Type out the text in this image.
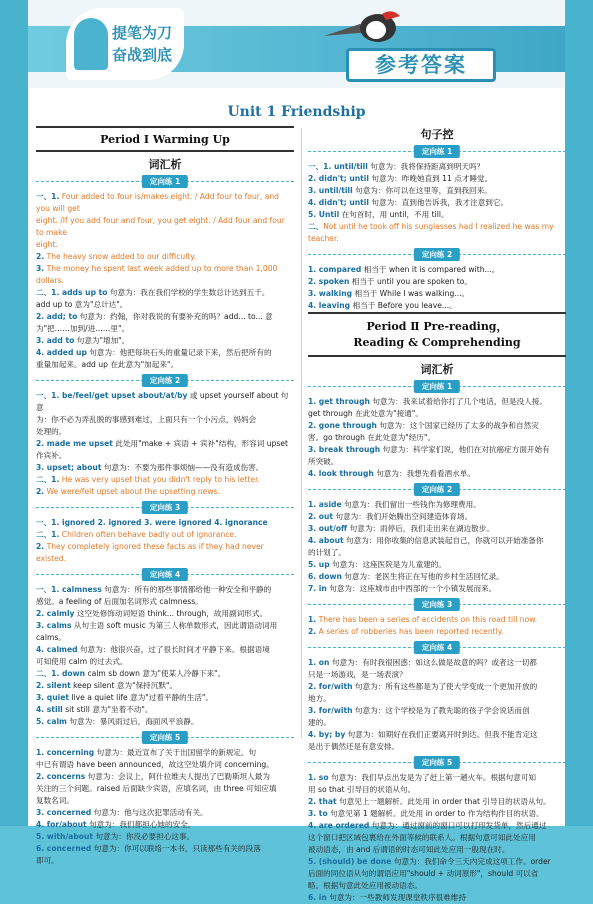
提笔为刀
奋战到底	参考答案
Unit 1 Friendship
Period Ⅰ Warming Up
词汇析
定向练 1
一、1. Four added to four is/makes eight. / Add four to four, and you will get
eight. /If you add four and four, you get eight. / Add four and four to make
eight.
2. The heavy snow added to our difficulty.
3. The money he spent last week added up to more than 1,000 dollars.
二、1. adds up to 句意为：我在我们学校的学生数总计达到五千。
add up to 意为"总计达"。
2. add; to 句意为：约翰，你对我说的有要补充的吗？add... to... 意
为"把……加到/进……里"。
3. add to 句意为"增加"。
4. added up 句意为：他把每块石头的重量记录下来，然后把所有的
重量加起来。add up 在此意为"加起来"。
定向练 2
一、1. be/feel/get upset about/at/by 或 upset yourself about 句意
为：你不必为弄乱脱的事感到难过，上面只有一个小污点，妈妈会
处理的。
2. made me upset 此处用"make + 宾语 + 宾补"结构，形容词 upset
作宾补。
3. upset; about 句意为：不要为那件事烦恼——没有造成伤害。
二、1. He was very upset that you didn't reply to his letter.
2. We were/felt upset about the upsetting news.
定向练 3
一、1. ignored 2. ignored 3. were ignored 4. ignorance
二、1. Children often behave badly out of ignorance.
2. They completely ignored these facts as if they had never existed.
定向练 4
一、1. calmness 句意为：所有的那些事情都给他一种安全和平静的
感觉。a feeling of 后面加名词形式 calmness。
2. calmly 这空处修饰动词短语 think... through，故用副词形式。
3. calms 从句主语 soft music 为第三人称单数形式，因此谓语动词用
calms。
4. calmed 句意为：他很兴奋，过了很长时间才平静下来。根据语境
可知使用 calm 的过去式。
二、1. down calm sb down 意为"使某人冷静下来"。
2. silent keep silent 意为"保持沉默"。
3. quiet live a quiet life 意为"过着平静的生活"。
4. still sit still 意为"坐着不动"。
5. calm 句意为：暴风雨过后，海面风平浪静。
定向练 5
1. concerning 句意为：最近宣布了关于出国留学的新规定。句
中已有谓语 have been announced，故这空处填介词 concerning。
2. concerns 句意为：会议上，阿什拉维夫人提出了巴勒斯坦人最为
关注的三个问题。raised 后面缺少宾语，应填名词，由 three 可知应填
复数名词。
3. concerned 句意为：他与这次犯罪活动有关。
4. for/about 句意为：我们都担心她的安全。
5. with/about 句意为：你没必要担心这事。
6. concerned 句意为：你可以联络一本书，只读那些有关的段落
即可。
句子控
定向练 1
一、1. until/till 句意为：我将保持距离到明天吗？
2. didn't; until 句意为：昨晚她直到 11 点才睡觉。
3. until/till 句意为：你可以在这里等，直到我回来。
4. didn't; until 句意为：直到他告诉我，我才注意到它。
5. Until 在句首时，用 until，不用 till。
二、Not until he took off his sunglasses had I realized he was my teacher.
定向练 2
1. compared 相当于 when it is compared with...。
2. spoken 相当于 until you are spoken to。
3. walking 相当于 While I was walking...。
4. leaving 相当于 Before you leave...。
Period Ⅱ Pre-reading，
Reading & Comprehending
词汇析
定向练 1
1. get through 句意为：我来试着给你打了几个电话，但是没人接。
get through 在此处意为"接通"。
2. gone through 句意为：这个国家已经历了太多的战争和自然灾
害。go through 在此处意为"经历"。
3. break through 句意为：科学家们说，他们在对抗癌症方面开始有
所突破。
4. look through 句意为：我想先看看酒水单。
定向练 2
1. aside 句意为：我们留出一些钱作为修理费用。
2. out 句意为：我们开始腾出空间建造体育场。
3. out/off 句意为：雨停后，我们走出来在湖边散步。
4. about 句意为：用你收集的信息武装起自己，你就可以开始准备你
的计划了。
5. up 句意为：这座医院是为儿童建的。
6. down 句意为：老医生将正在写他的乡村生活回忆录。
7. in 句意为：这座城市由中西部的一个小镇发展而来。
定向练 3
1. There has been a series of accidents on this road till now.
2. A series of robberies has been reported recently.
定向练 4
1. on 句意为：有时我很困惑：如这么做是故意的吗？或者这一切都
只是一场游戏，是一场表演？
2. for/with 句意为：所有这些都是为了使大学变成一个更加开放的
地方。
3. for/with 句意为：这个学校是为了教先聪的孩子学会说话而创
建的。
4. by; by 句意为：如期好在我们正要离开时到达。但我不能肯定这
是出于偶然还是有意安排。
定向练 5
1. so 句意为：我们早点出发是为了赶上第一趟火车。根据句意可知
用 so that 引导目的状语从句。
2. that 句意见上一题解析。此处用 in order that 引导目的状语从句。
3. to 句意见第 1 题解析。此处用 in order to 作为结构作目的状语。
4. are ordered 句意为：通过窗前的窗口可以打印发货单，然后通过
这个窗口把区域包裹给在外面等候的联系人。根据句意可知此处应用
被动语态，由 and 后谓语的时态可知此处应用一般现在时。
5. (should) be done 句意为：我们命令三天内完成这项工作。order
后面的同位语从句的谓语应用"should + 动词原形"，should 可以省
略。根据句意此处应用被动语态。
6. in 句意为：一些教师发现课堂秩序很难维持
